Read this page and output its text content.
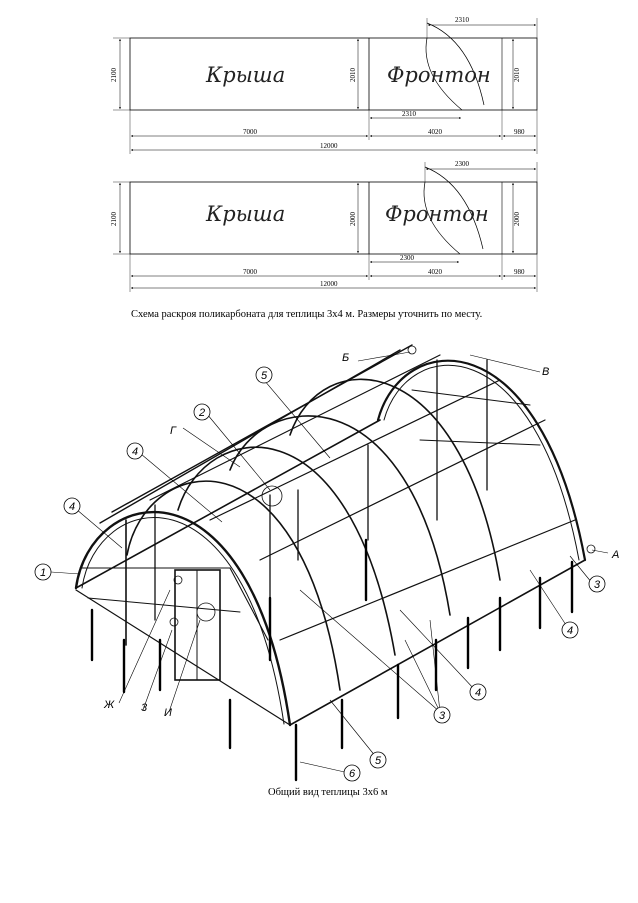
Крыша	Фронтон
2100	2010	2010
2310
2310
7000	4020	980
12000
Крыша	Фронтон
2100	2000	2000
2300
2300
7000	4020	980
12000
1
4
4
2
5
3
4
4
3
5
6
3
А
Б
В
Г
Ж
И
Схема раскроя поликарбоната для теплицы 3х4 м. Размеры уточнить по месту.
Общий вид теплицы 3х6 м
